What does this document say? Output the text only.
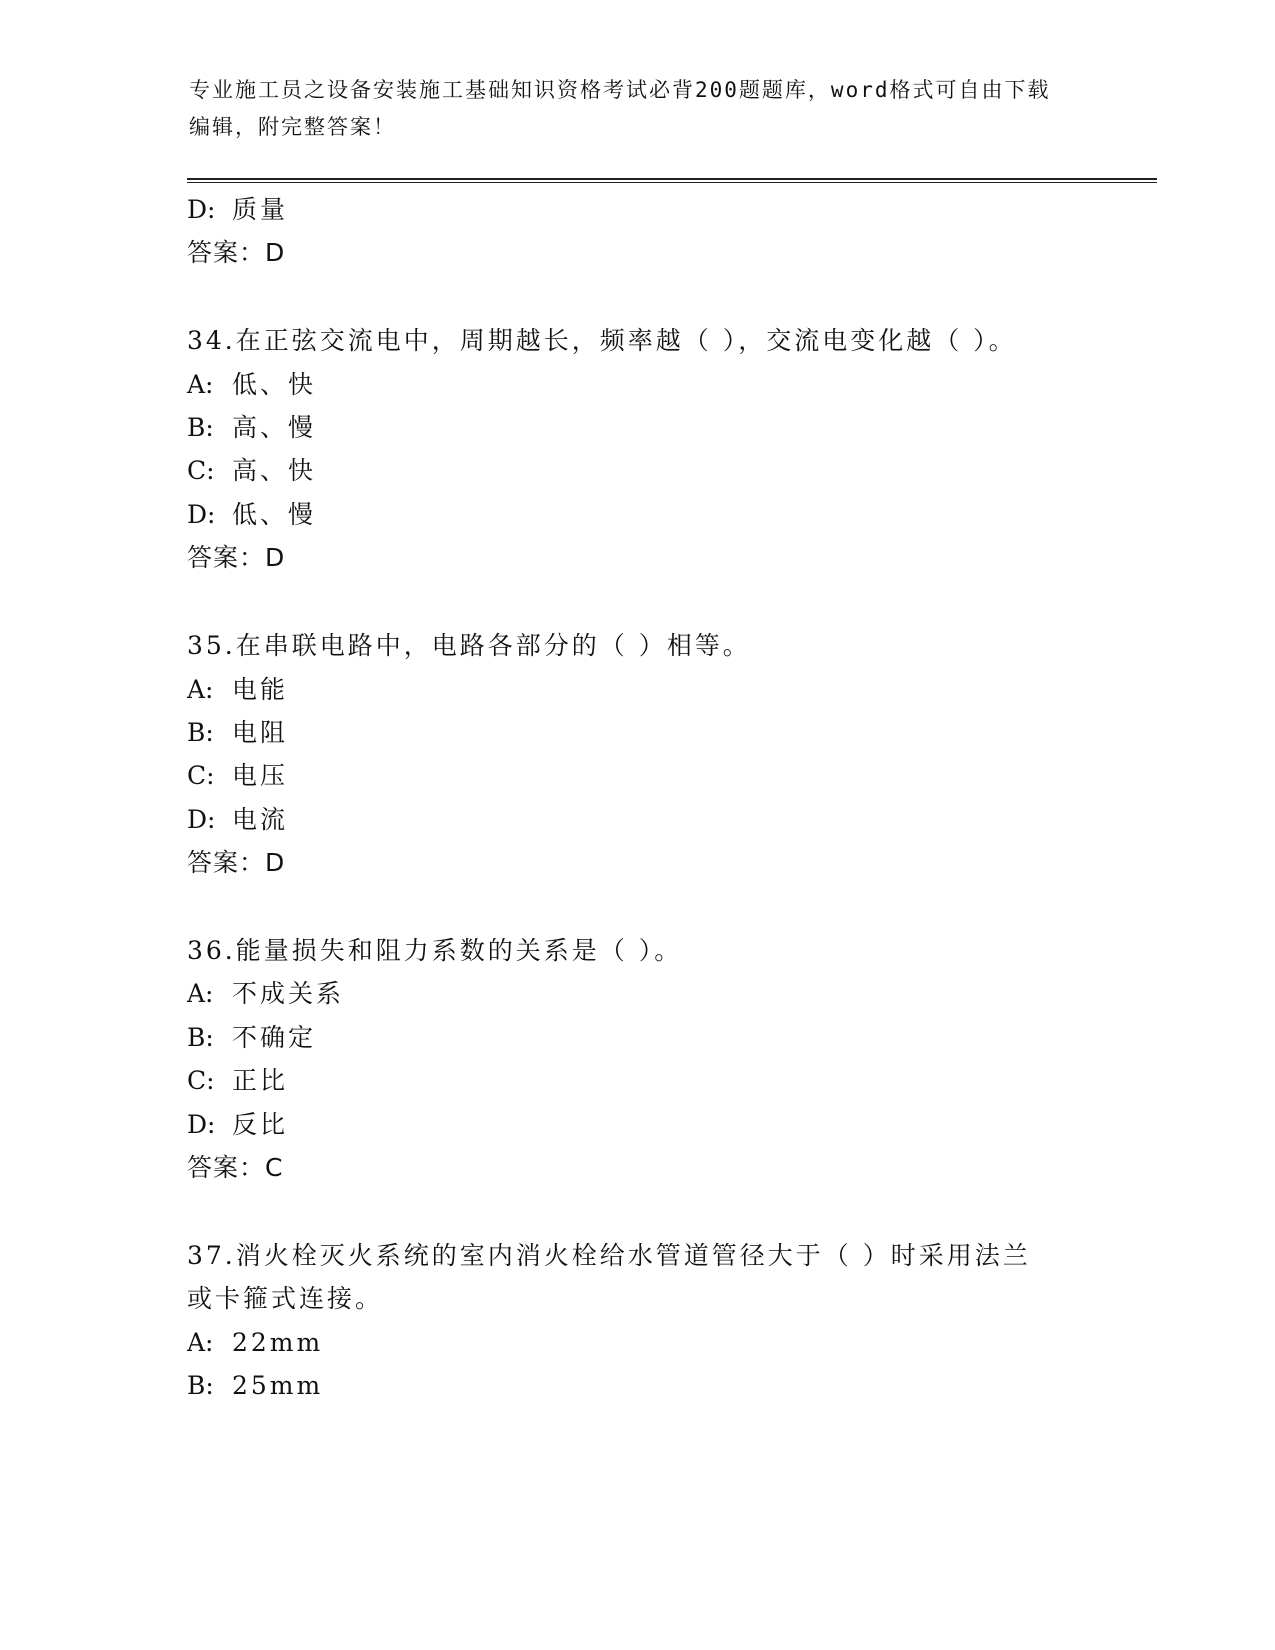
专业施工员之设备安装施工基础知识资格考试必背200题题库，word格式可自由下载编辑，附完整答案！
D: 质量
答案：D
34.在正弦交流电中，周期越长，频率越（ ），交流电变化越（ ）。
A: 低、快
B: 高、慢
C: 高、快
D: 低、慢
答案：D
35.在串联电路中，电路各部分的（ ）相等。
A: 电能
B: 电阻
C: 电压
D: 电流
答案：D
36.能量损失和阻力系数的关系是（ ）。
A: 不成关系
B: 不确定
C: 正比
D: 反比
答案：C
37.消火栓灭火系统的室内消火栓给水管道管径大于（ ）时采用法兰
或卡箍式连接。
A: 22mm
B: 25mm
